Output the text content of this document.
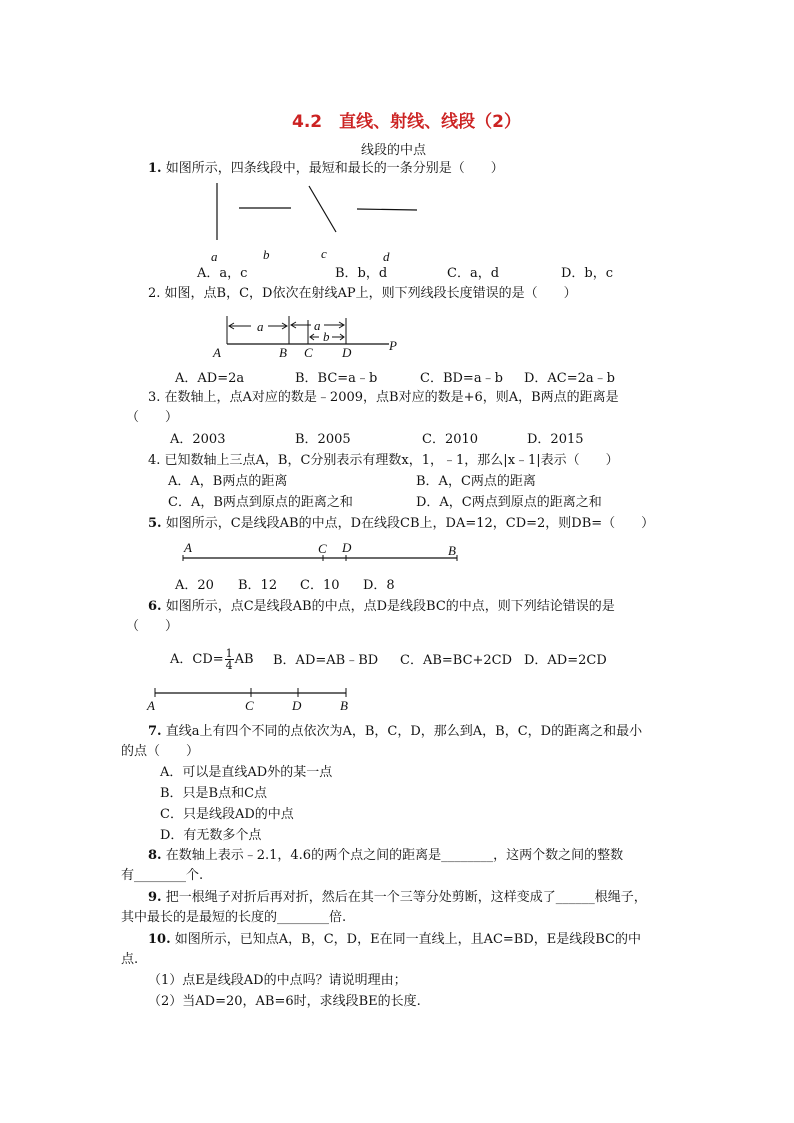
4.2　直线、射线、线段（2）
线段的中点
1. 如图所示，四条线段中，最短和最长的一条分别是（　　）
a	b	c	d
A．a，c	B．b，d	C．a，d	D．b，c
2. 如图，点B，C，D依次在射线AP上，则下列线段长度错误的是（　　）
a	a
b
A	B C D	P
A．AD=2a	B．BC=a﹣b	C．BD=a﹣b D．AC=2a﹣b
3. 在数轴上，点A对应的数是﹣2009，点B对应的数是+6，则A，B两点的距离是
（　　）
A．2003	B．2005	C．2010	D．2015
4. 已知数轴上三点A，B，C分别表示有理数x，1，﹣1，那么|x﹣1|表示（　　）
A．A，B两点的距离	B．A，C两点的距离
C．A，B两点到原点的距离之和	D．A，C两点到原点的距离之和
5. 如图所示，C是线段AB的中点，D在线段CB上，DA=12，CD=2，则DB=（　　）
A	C D	B
A．20 B．12 C．10 D．8
6. 如图所示，点C是线段AB的中点，点D是线段BC的中点，则下列结论错误的是
（　　）
A．$CD= \frac{1}{4}$ AB B．AD=AB﹣BD C．AB=BC+2CD D．AD=2CD
A	C	D	B
7. 直线a上有四个不同的点依次为A，B，C，D，那么到A，B，C，D的距离之和最小
的点（　　）
A．可以是直线AD外的某一点
B．只是B点和C点
C．只是线段AD的中点
D．有无数多个点
8. 在数轴上表示﹣2.1，4.6的两个点之间的距离是________，这两个数之间的整数
有________个.
9. 把一根绳子对折后再对折，然后在其一个三等分处剪断，这样变成了______根绳子，
其中最长的是最短的长度的________倍.
10. 如图所示，已知点A，B，C，D，E在同一直线上，且AC=BD，E是线段BC的中
点.
（1）点E是线段AD的中点吗？请说明理由；
（2）当AD=20，AB=6时，求线段BE的长度.
